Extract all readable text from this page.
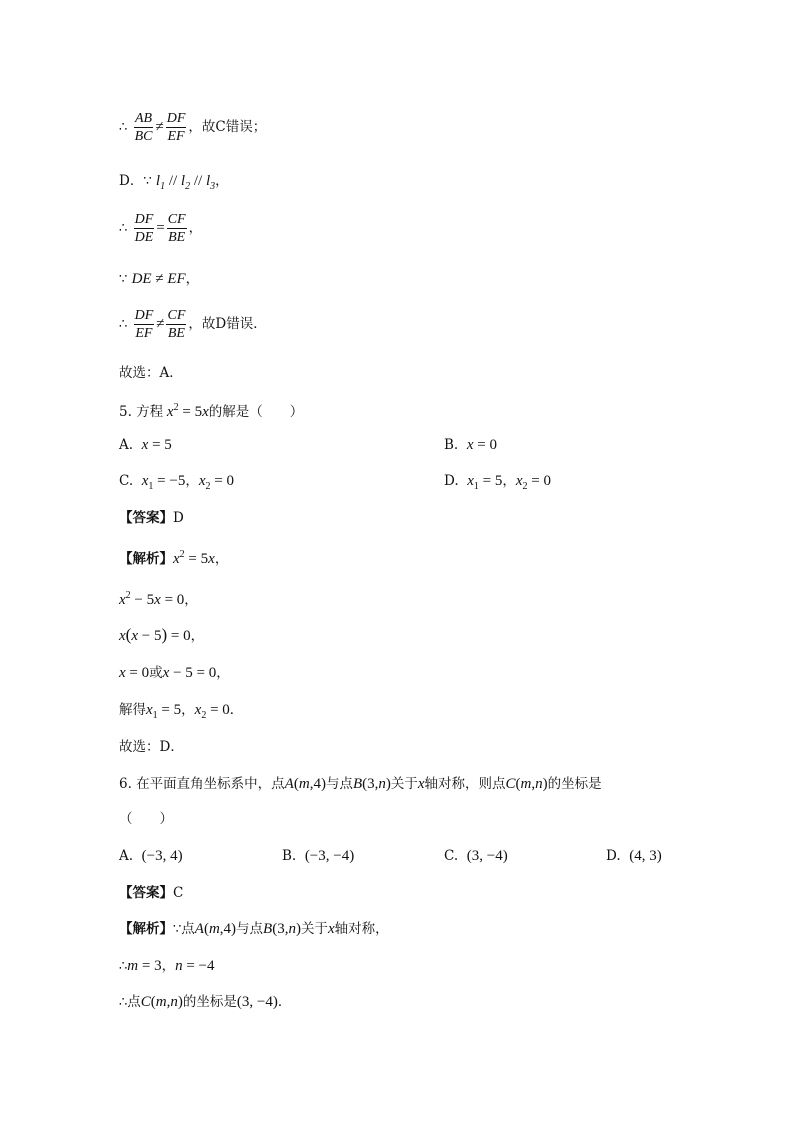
∴ $\frac{AB}{BC} \ne \frac{DF}{EF}$ ，故C错误；
D．∵ $l_1 // l_2 // l_3$，
∴ $\frac{DF}{DE} = \frac{CF}{BE}$ ，
∵ DE ≠ EF，
∴ $\frac{DF}{EF} \ne \frac{CF}{BE}$ ，故D错误．
故选：A．
5. 方程 $x^2 = 5x$的解是（　　）
A. x = 5	B. x = 0
C. $x_1 = -5$，$x_2 = 0$	D. $x_1 = 5$，$x_2 = 0$
【答案】D
【解析】$x^2 = 5x$，
$x^2 - 5x = 0$，
x(x − 5) = 0，
x = 0或x − 5 = 0，
解得$x_1 = 5$，$x_2 = 0$．
故选：D．
6. 在平面直角坐标系中，点A(m,4)与点B(3,n)关于x轴对称，则点C(m,n)的坐标是
（　　）
A. (−3, 4)	B. (−3, −4)	C. (3, −4)	D. (4, 3)
【答案】C
【解析】∵点A(m,4)与点B(3,n)关于x轴对称，
∴m = 3，n = −4
∴点C(m,n)的坐标是(3, −4)．
